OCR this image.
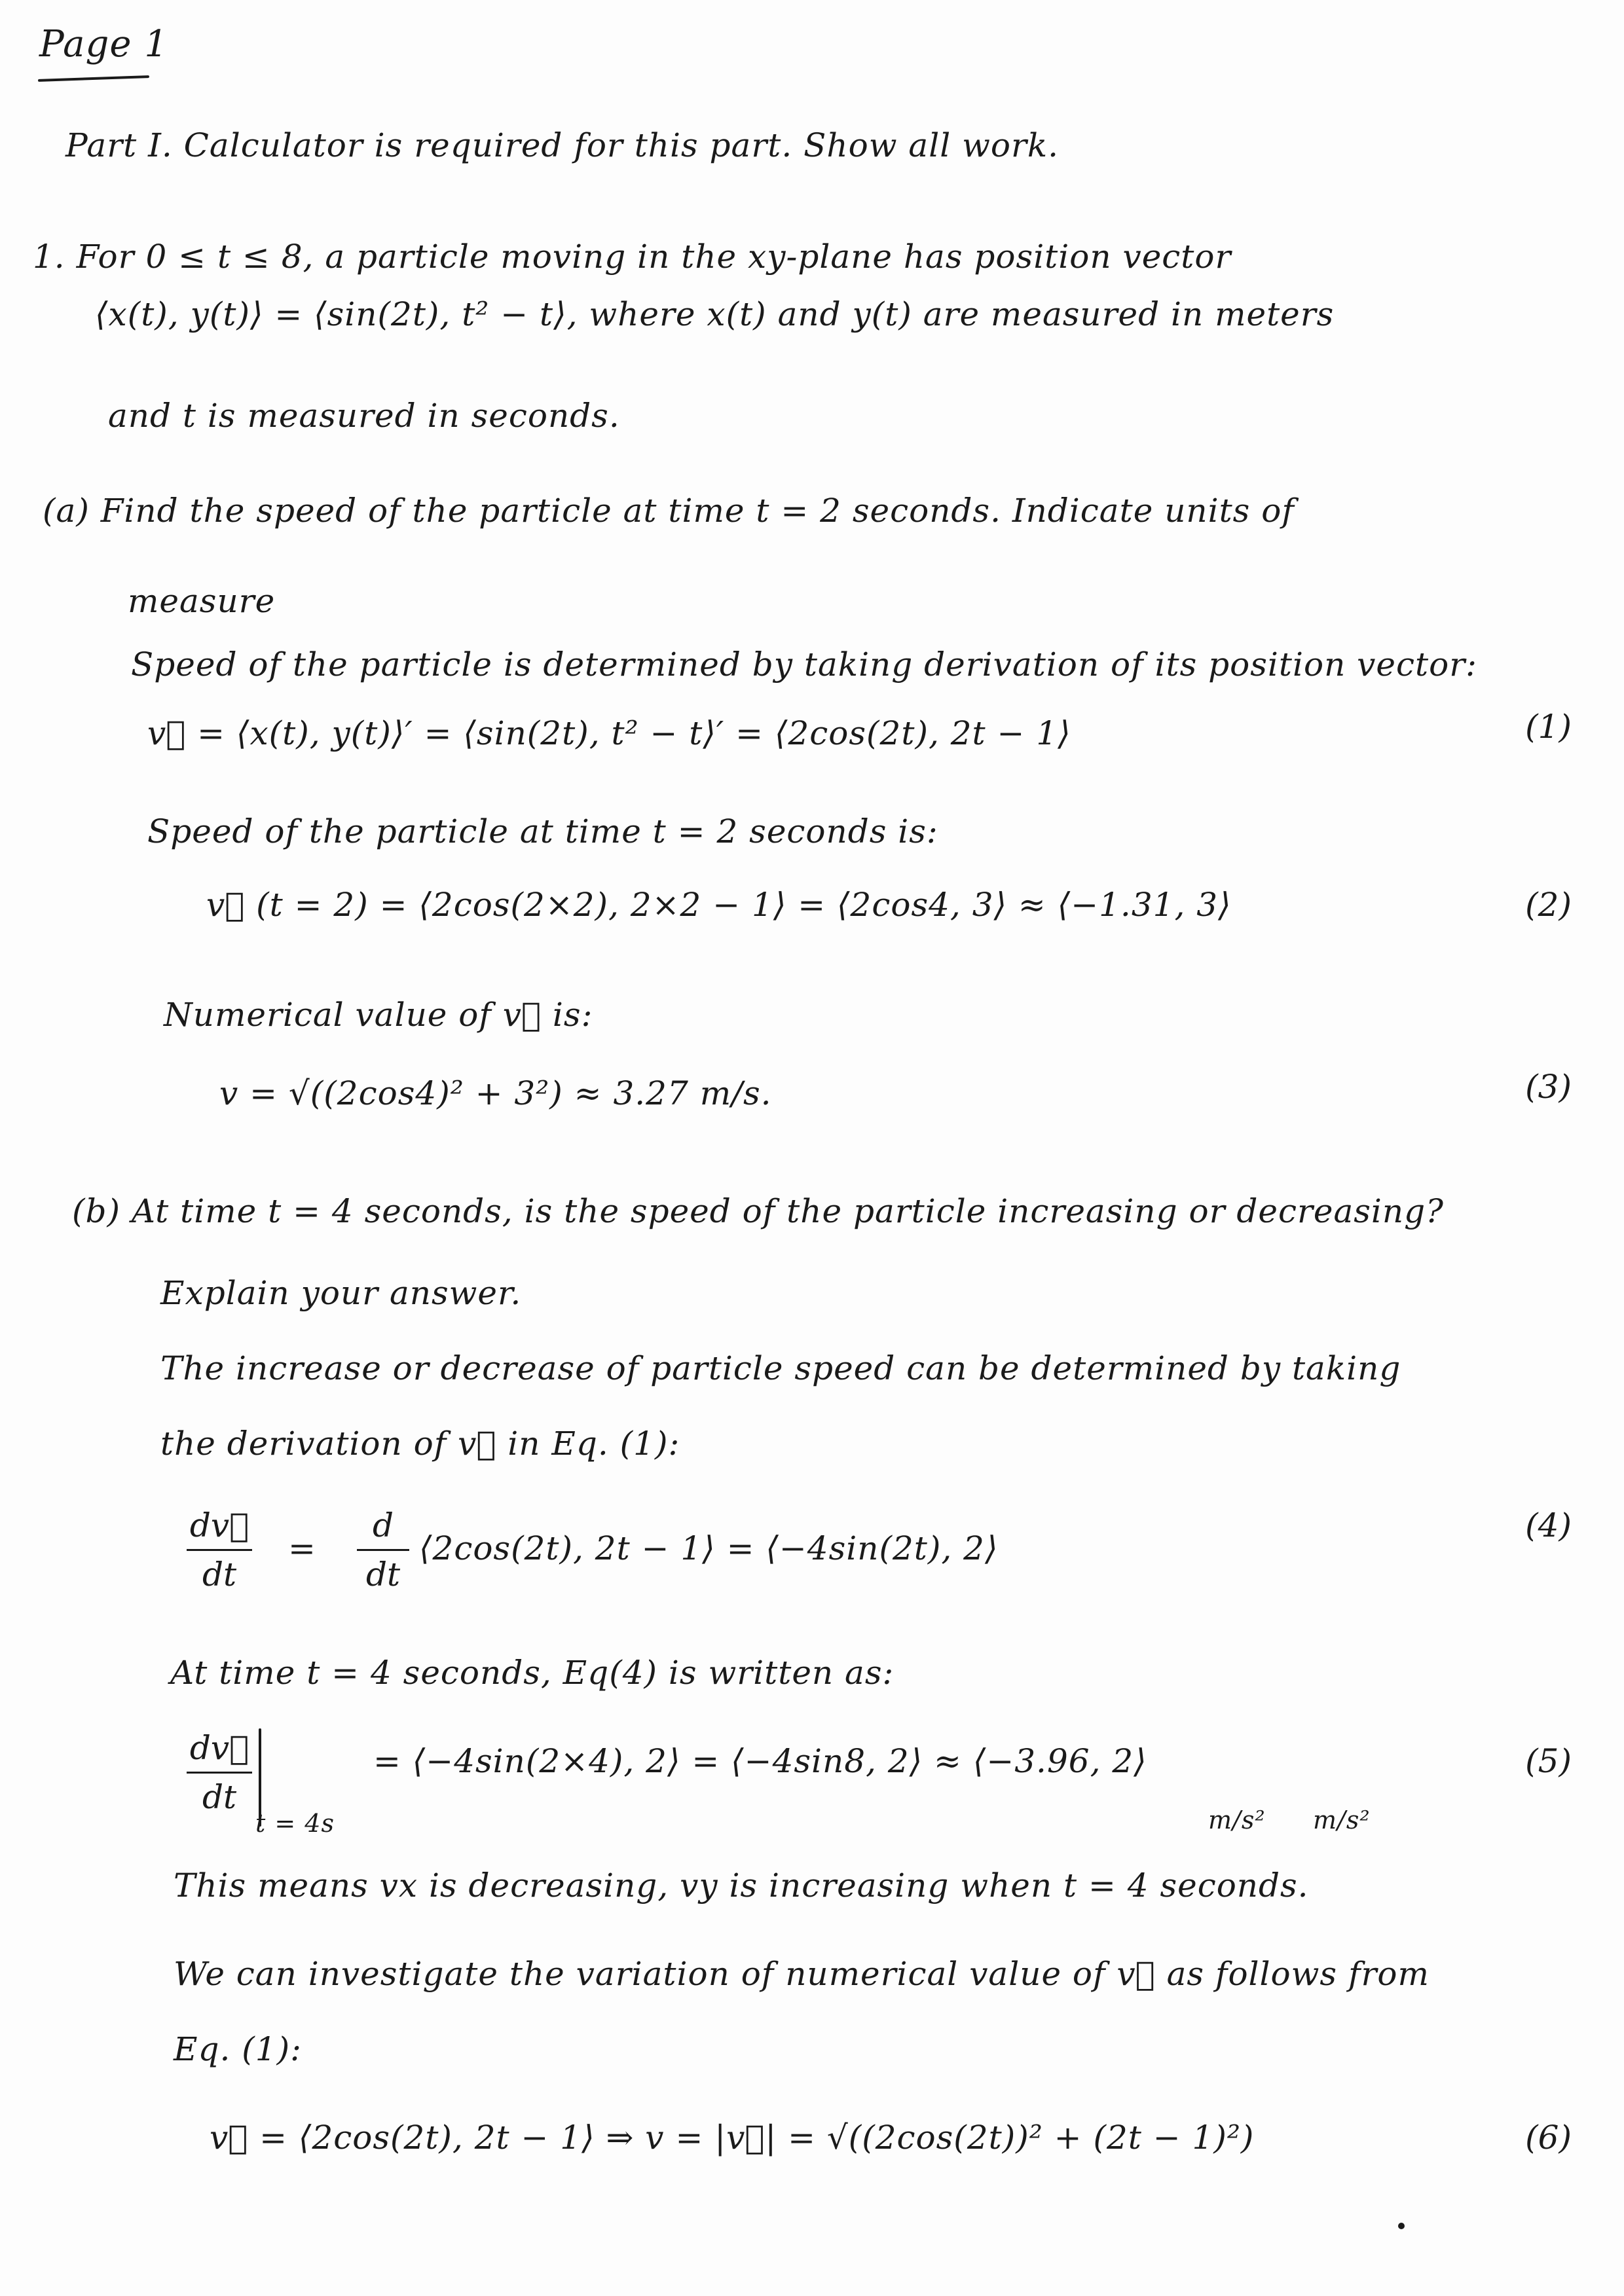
Page 1
Part I. Calculator is required for this part. Show all work.
1. For 0 ≤ t ≤ 8, a particle moving in the xy-plane has position vector
⟨x(t), y(t)⟩ = ⟨sin(2t), t² − t⟩, where x(t) and y(t) are measured in meters
and t is measured in seconds.
(a) Find the speed of the particle at time t = 2 seconds. Indicate units of
measure
Speed of the particle is determined by taking derivation of its position vector:
v⃗ = ⟨x(t), y(t)⟩′ = ⟨sin(2t), t² − t⟩′ = ⟨2cos(2t), 2t − 1⟩	(1)
Speed of the particle at time t = 2 seconds is:
v⃗ (t = 2) = ⟨2cos(2×2), 2×2 − 1⟩ = ⟨2cos4, 3⟩ ≈ ⟨−1.31, 3⟩	(2)
Numerical value of v⃗ is:
v = √((2cos4)² + 3²) ≈ 3.27 m/s.	(3)
(b) At time t = 4 seconds, is the speed of the particle increasing or decreasing?
Explain your answer.
The increase or decrease of particle speed can be determined by taking
the derivation of v⃗ in Eq. (1):
dv⃗
dt
=
d
dt
⟨2cos(2t), 2t − 1⟩ = ⟨−4sin(2t), 2⟩
(4)
At time t = 4 seconds, Eq(4) is written as:
dv⃗
dt
t = 4s
= ⟨−4sin(2×4), 2⟩ = ⟨−4sin8, 2⟩ ≈ ⟨−3.96, 2⟩	(5)
m/s² m/s²
This means vx is decreasing, vy is increasing when t = 4 seconds.
We can investigate the variation of numerical value of v⃗ as follows from
Eq. (1):
v⃗ = ⟨2cos(2t), 2t − 1⟩ ⇒ v = |v⃗| = √((2cos(2t))² + (2t − 1)²)	(6)
